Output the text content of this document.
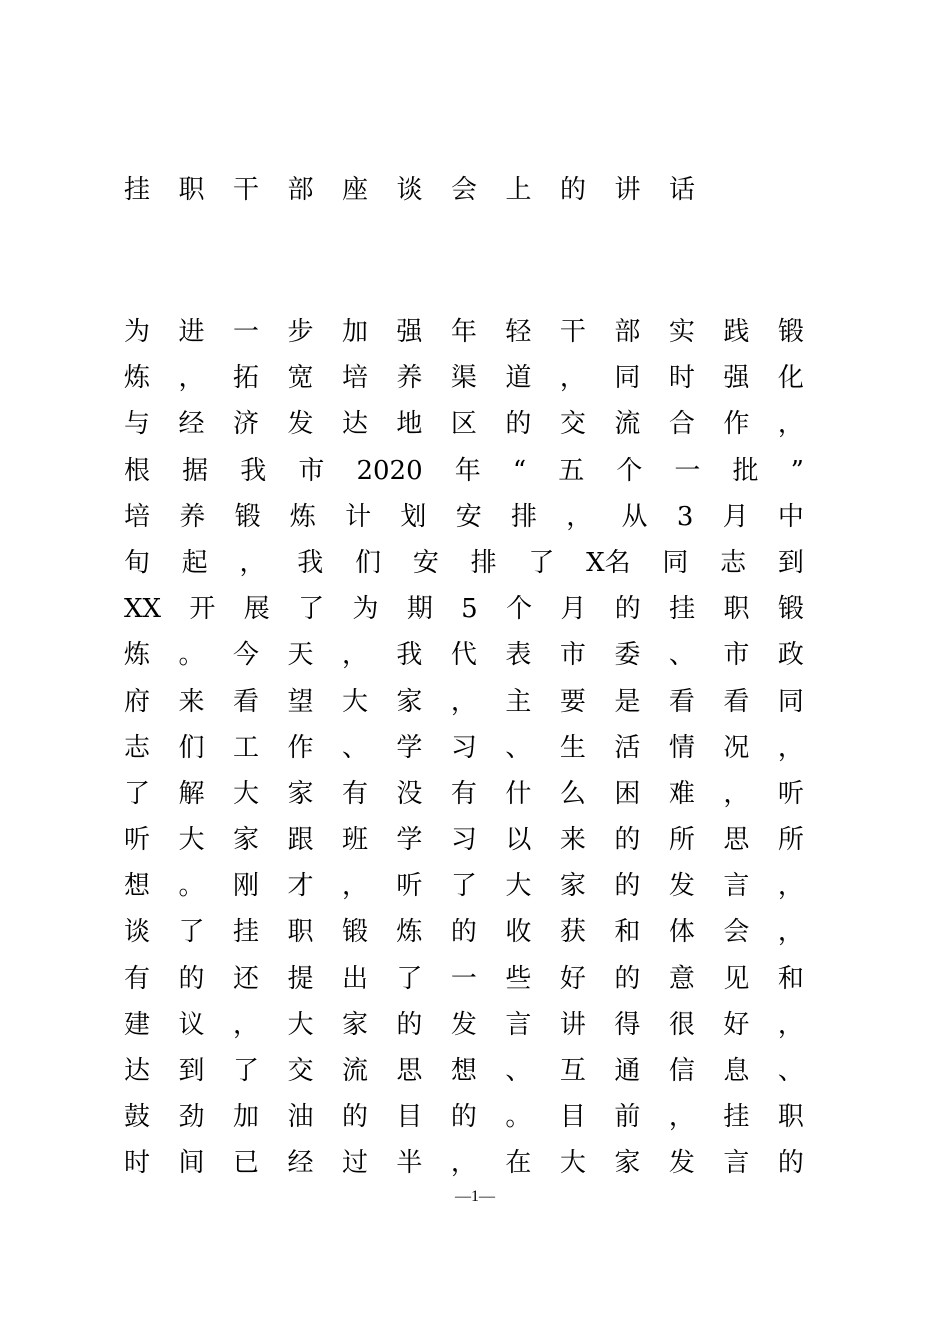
挂职干部座谈会上的讲话
为 进 一 步 加 强 年 轻 干 部 实 践 锻
炼 ， 拓 宽 培 养 渠 道 ， 同 时 强 化
与 经 济 发 达 地 区 的 交 流 合 作 ，
根 据 我 市 2020 年 “ 五 个 一 批 ”
培 养 锻 炼 计 划 安 排 ， 从 3 月 中
旬 起 ， 我 们 安 排 了 X名 同 志 到
XX 开 展 了 为 期 5 个 月 的 挂 职 锻
炼 。 今 天 ， 我 代 表 市 委 、 市 政
府 来 看 望 大 家 ， 主 要 是 看 看 同
志 们 工 作 、 学 习 、 生 活 情 况 ，
了 解 大 家 有 没 有 什 么 困 难 ， 听
听 大 家 跟 班 学 习 以 来 的 所 思 所
想 。 刚 才 ， 听 了 大 家 的 发 言 ，
谈 了 挂 职 锻 炼 的 收 获 和 体 会 ，
有 的 还 提 出 了 一 些 好 的 意 见 和
建 议 ， 大 家 的 发 言 讲 得 很 好 ，
达 到 了 交 流 思 想 、 互 通 信 息 、
鼓 劲 加 油 的 目 的 。 目 前 ， 挂 职
时 间 已 经 过 半 ， 在 大 家 发 言 的
—1—
